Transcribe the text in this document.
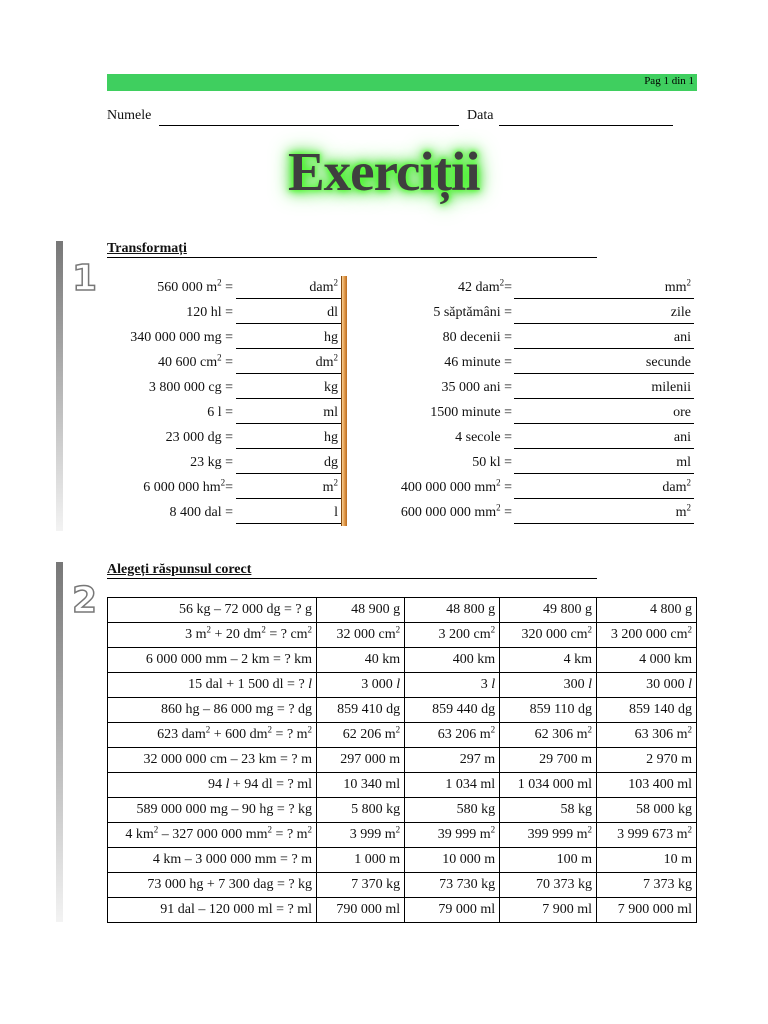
Pag 1 din 1
Numele	Data
Exerciții
1
Transformați
560 000 $m^2$ =	dam$^2$
120 hl =	dl
340 000 000 mg =	hg
40 600 $cm^2$ =	$dm^2$
3 800 000 cg =	kg
6 l =	ml
23 000 dg =	hg
23 kg =	dg
6 000 000 $hm^2=$	$m^2$
8 400 dal =	l
42 dam$^2$=	$mm^2$
5 săptămâni =	zile
80 decenii =	ani
46 minute =	secunde
35 000 ani =	milenii
1500 minute =	ore
4 secole =	ani
50 kl =	ml
400 000 000 $mm^2$ =	dam$^2$
600 000 000 $mm^2$ =	$m^2$
2
Alegeți răspunsul corect
56 kg – 72 000 dg = ? g	48 900 g	48 800 g	49 800 g	4 800 g
3 $m^2 + 20$ $dm^2$ = ? $cm^2$	32 000 $cm^2$	3 200 $cm^2$	320 000 $cm^2$	3 200 000 $cm^2$
6 000 000 mm – 2 km = ? km	40 km	400 km	4 km	4 000 km
15 dal + 1 500 dl = ? l	3 000 l	3 l	300 l	30 000 l
860 hg – 86 000 mg = ? dg	859 410 dg	859 440 dg	859 110 dg	859 140 dg
623 dam$^2$ + 600 $dm^2$ = ? $m^2$	62 206 $m^2$	63 206 $m^2$	62 306 $m^2$	63 306 $m^2$
32 000 000 cm – 23 km = ? m	297 000 m	297 m	29 700 m	2 970 m
94 l + 94 dl = ? ml	10 340 ml	1 034 ml	1 034 000 ml	103 400 ml
589 000 000 mg – 90 hg = ? kg	5 800 kg	580 kg	58 kg	58 000 kg
4 $km^2 - 327$ 000 000 $mm^2$ = ? $m^2$	3 999 $m^2$	39 999 $m^2$	399 999 $m^2$	3 999 673 $m^2$
4 km – 3 000 000 mm = ? m	1 000 m	10 000 m	100 m	10 m
73 000 hg + 7 300 dag = ? kg	7 370 kg	73 730 kg	70 373 kg	7 373 kg
91 dal – 120 000 ml = ? ml	790 000 ml	79 000 ml	7 900 ml	7 900 000 ml
